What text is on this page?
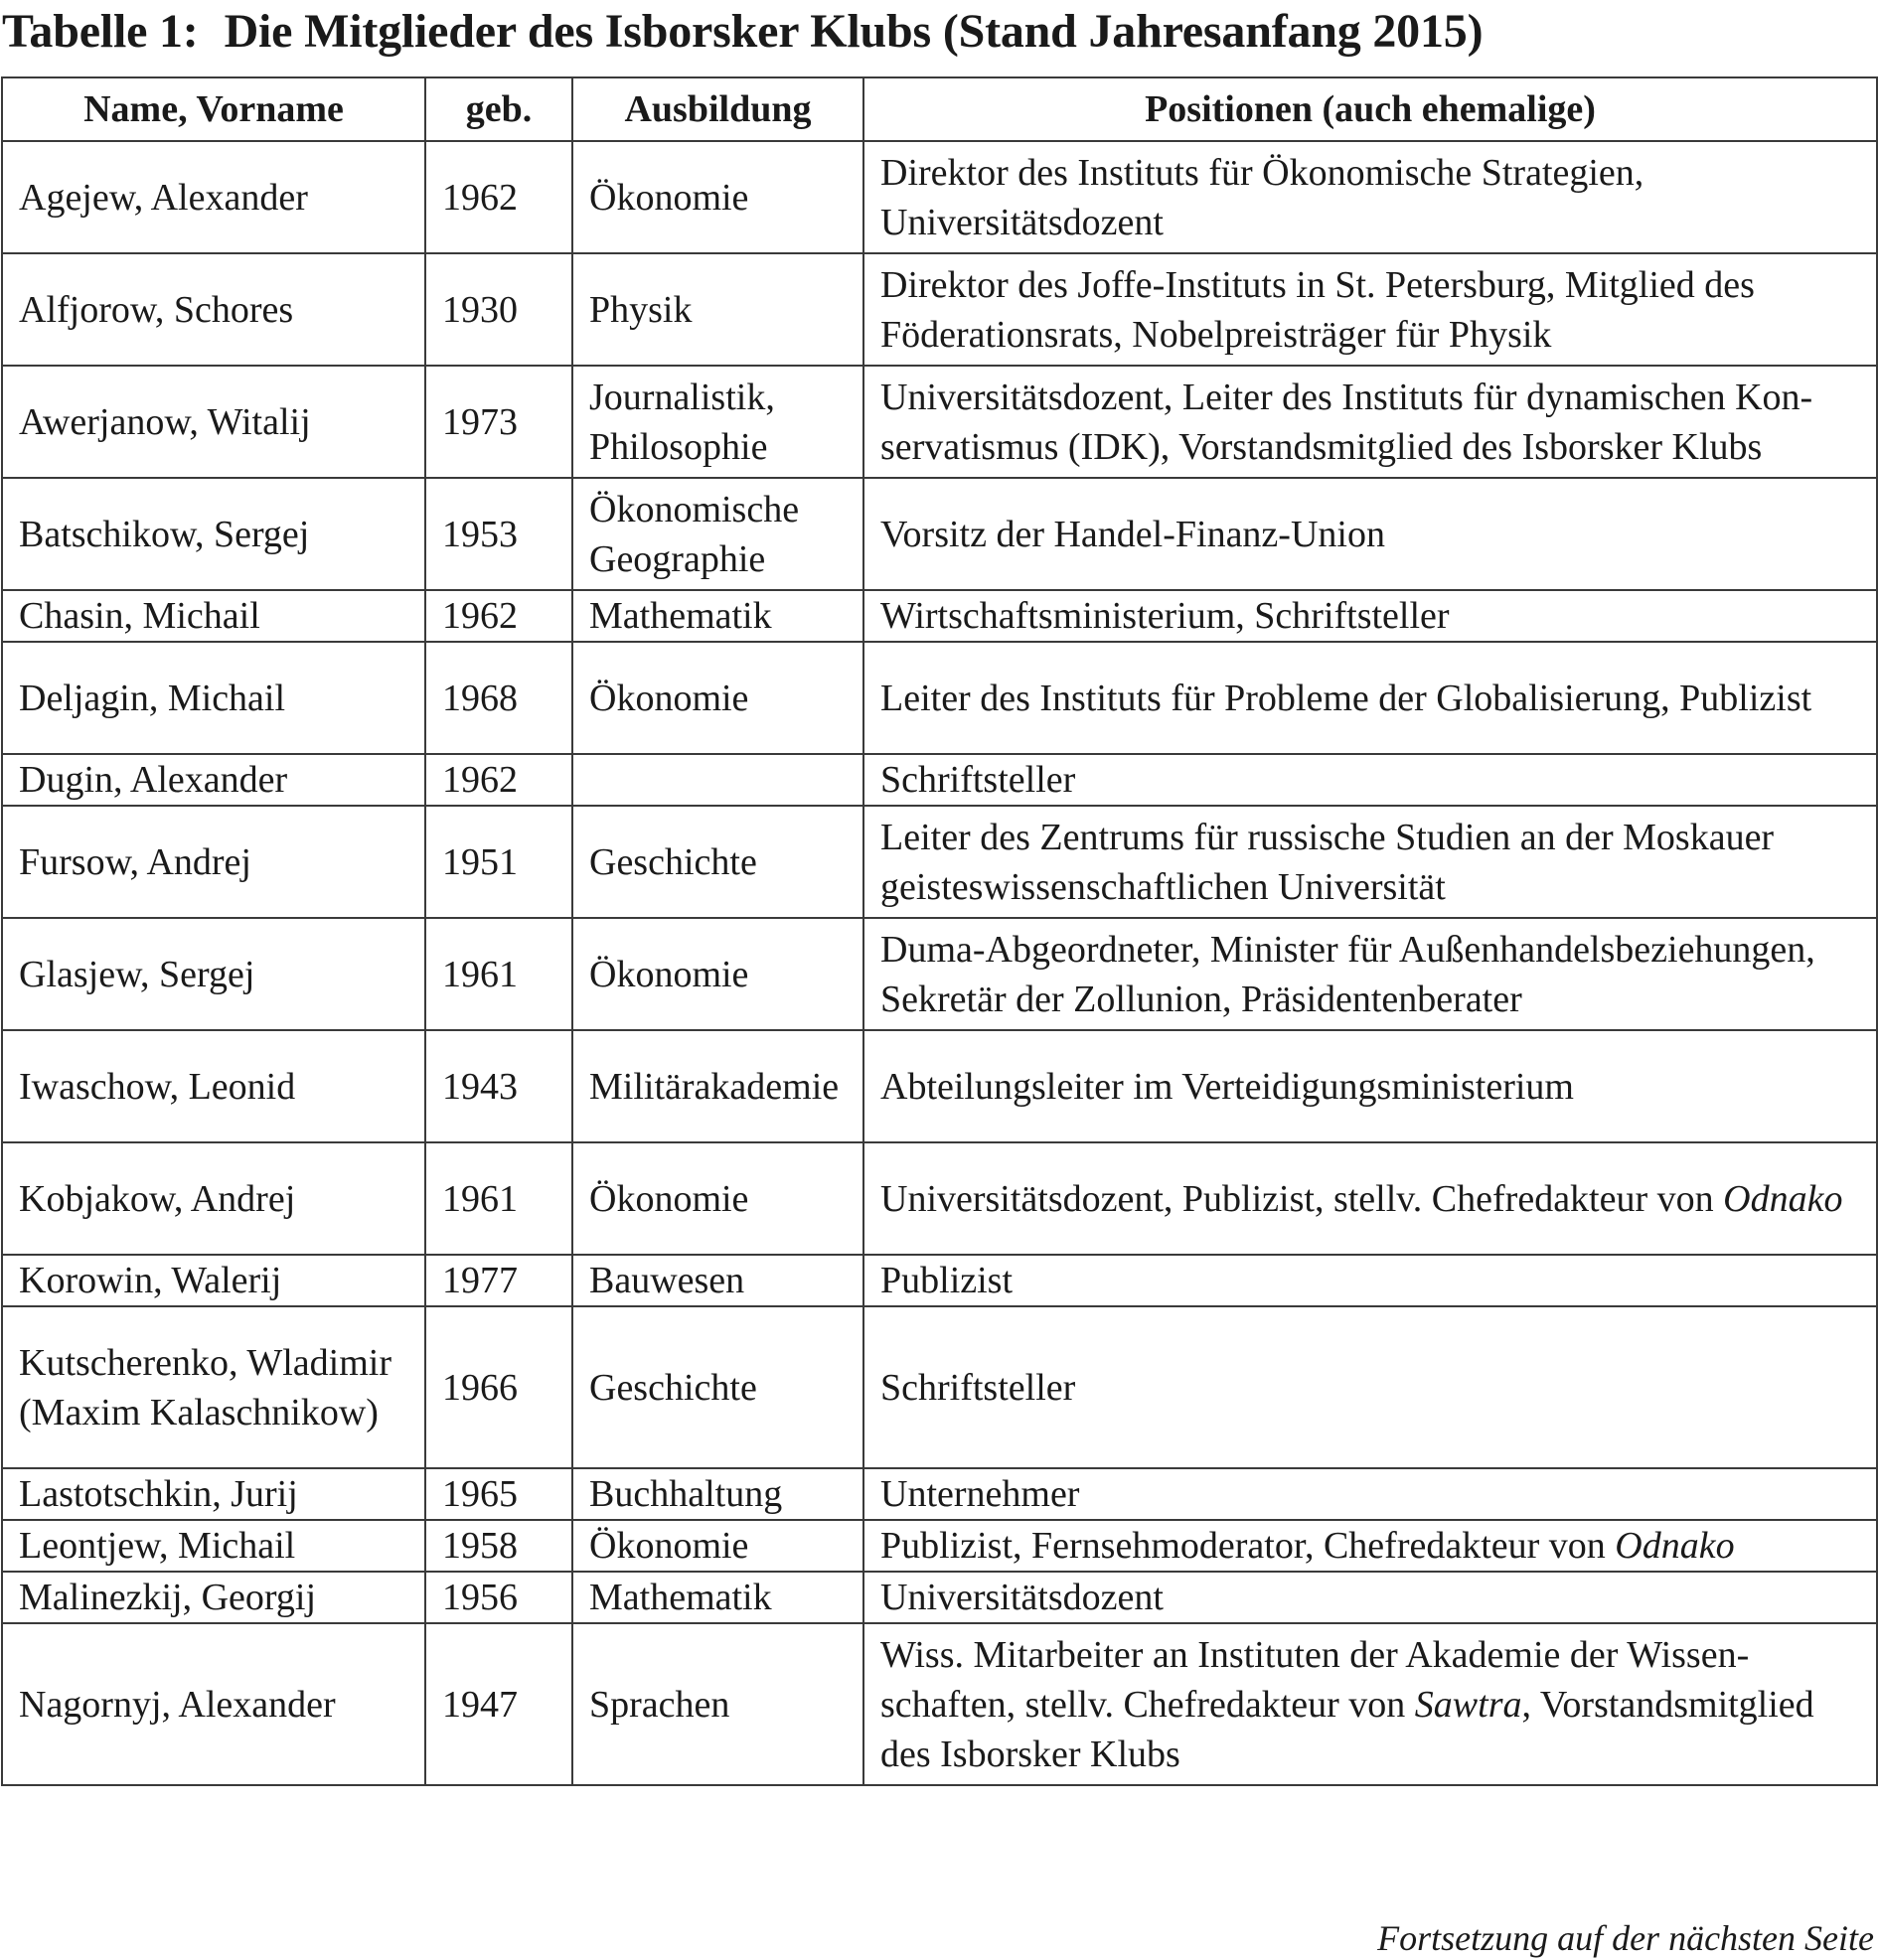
Tabelle 1: Die Mitglieder des Isborsker Klubs (Stand Jahresanfang 2015)
Name, Vorname	geb.	Ausbildung	Positionen (auch ehemalige)
Agejew, Alexander	1962	Ökonomie	Direktor des Instituts für Ökonomische Strategien, Universitätsdozent
Alfjorow, Schores	1930	Physik	Direktor des Joffe-Instituts in St. Petersburg, Mitglied des Föderationsrats, Nobelpreisträger für Physik
Awerjanow, Witalij	1973	Journalistik, Philosophie	Universitätsdozent, Leiter des Instituts für dynamischen Konservatismus (IDK), Vorstandsmitglied des Isborsker Klubs
Batschikow, Sergej	1953	Ökonomische Geographie	Vorsitz der Handel-Finanz-Union
Chasin, Michail	1962	Mathematik	Wirtschaftsministerium, Schriftsteller
Deljagin, Michail	1968	Ökonomie	Leiter des Instituts für Probleme der Globalisierung, Publizist
Dugin, Alexander	1962		Schriftsteller
Fursow, Andrej	1951	Geschichte	Leiter des Zentrums für russische Studien an der Moskauer geisteswissenschaftlichen Universität
Glasjew, Sergej	1961	Ökonomie	Duma-Abgeordneter, Minister für Außenhandelsbeziehungen, Sekretär der Zollunion, Präsidentenberater
Iwaschow, Leonid	1943	Militärakademie	Abteilungsleiter im Verteidigungsministerium
Kobjakow, Andrej	1961	Ökonomie	Universitätsdozent, Publizist, stellv. Chefredakteur von Odnako
Korowin, Walerij	1977	Bauwesen	Publizist
Kutscherenko, Wladimir (Maxim Kalaschnikow)	1966	Geschichte	Schriftsteller
Lastotschkin, Jurij	1965	Buchhaltung	Unternehmer
Leontjew, Michail	1958	Ökonomie	Publizist, Fernsehmoderator, Chefredakteur von Odnako
Malinezkij, Georgij	1956	Mathematik	Universitätsdozent
Nagornyj, Alexander	1947	Sprachen	Wiss. Mitarbeiter an Instituten der Akademie der Wissenschaften, stellv. Chefredakteur von Sawtra, Vorstandsmitglied des Isborsker Klubs
Fortsetzung auf der nächsten Seite
